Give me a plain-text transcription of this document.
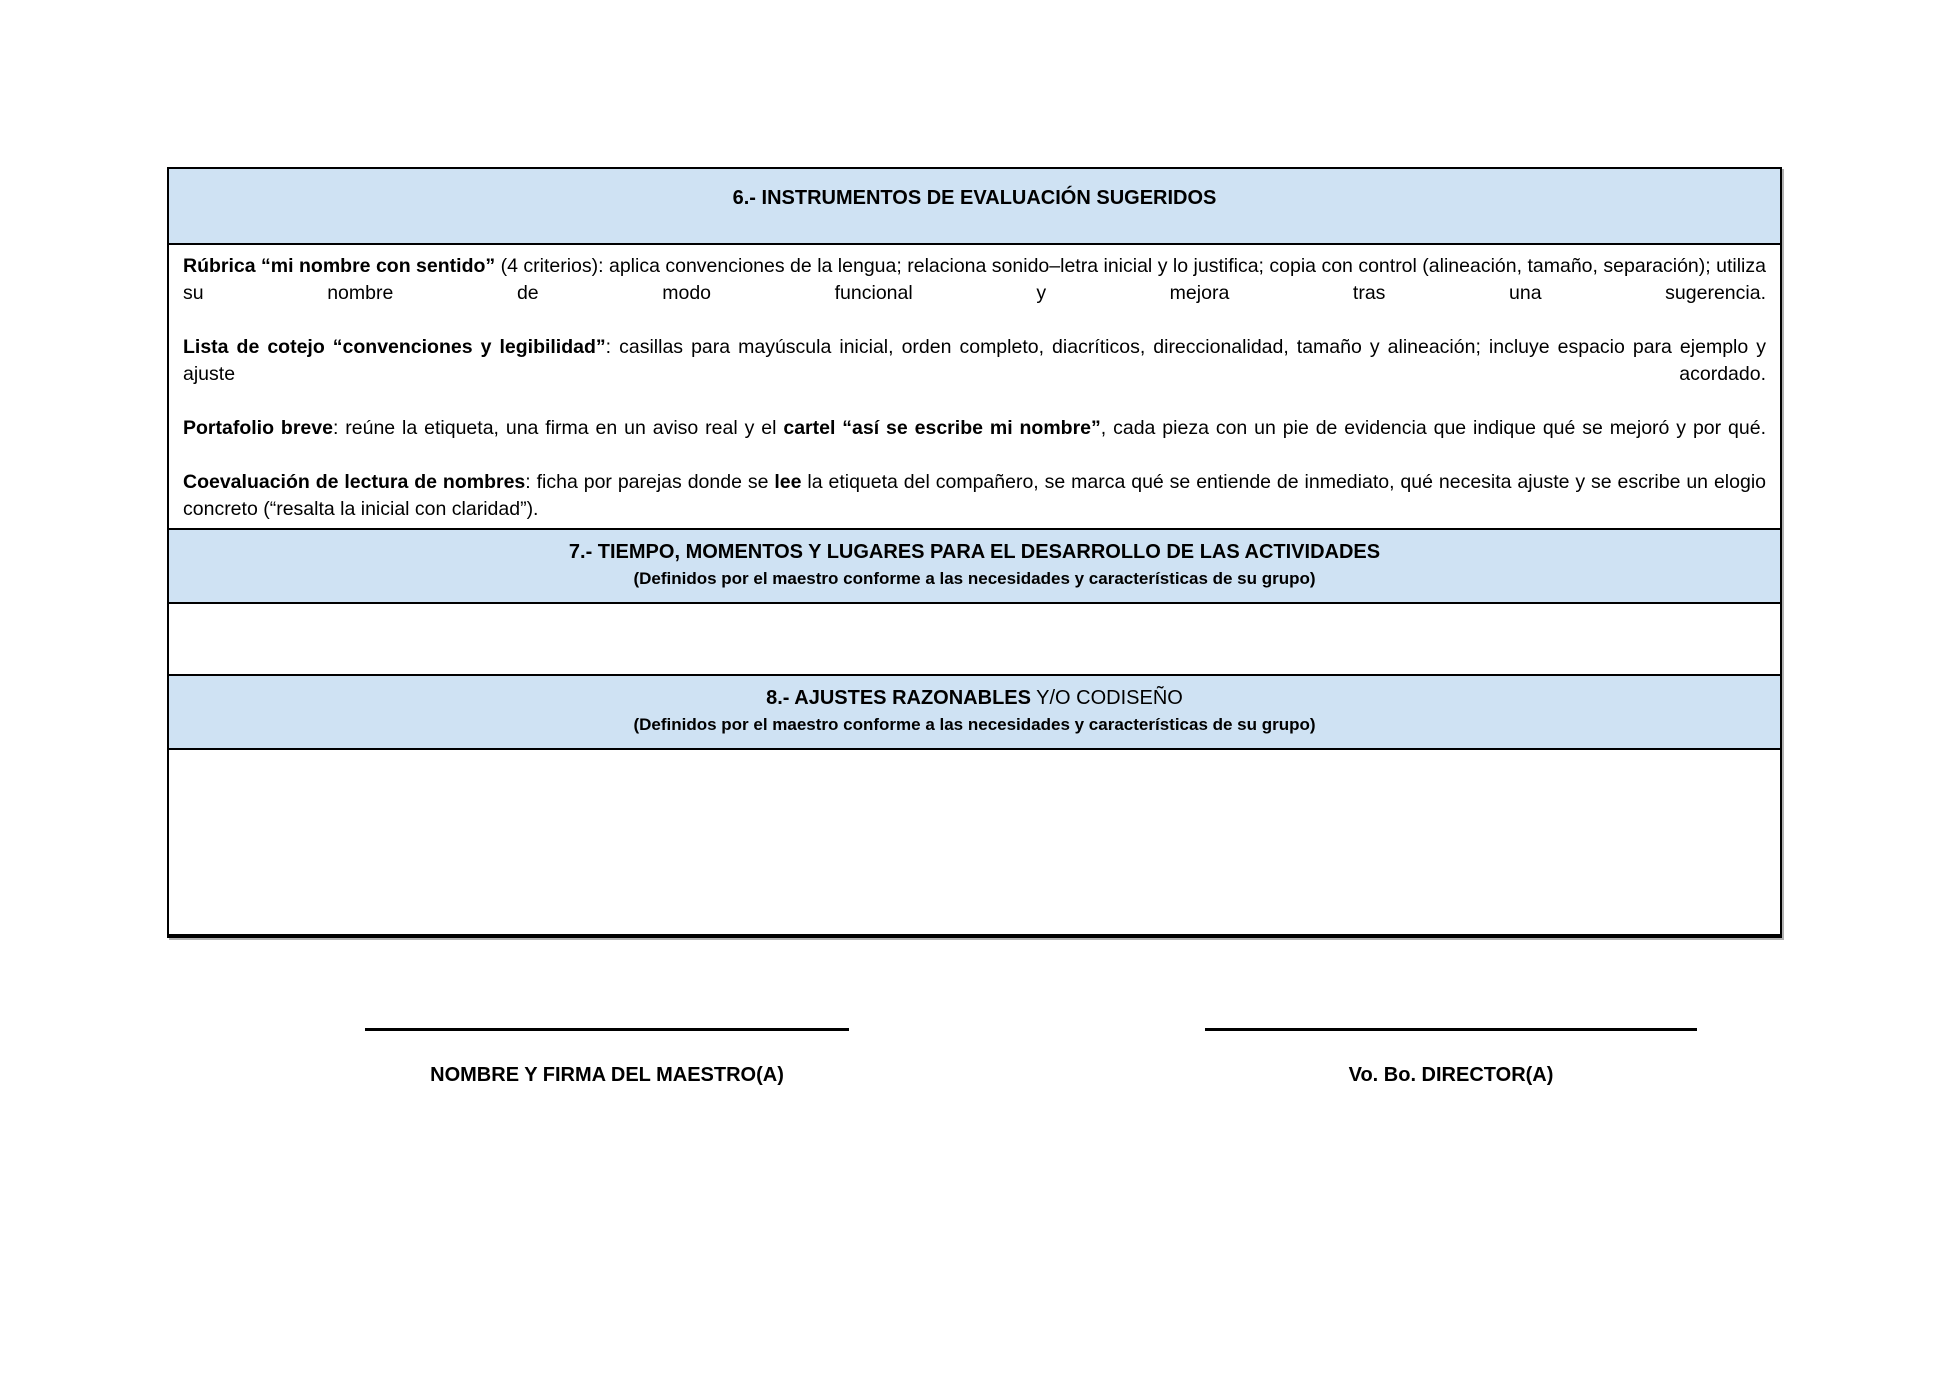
6.- INSTRUMENTOS DE EVALUACIÓN SUGERIDOS

Rúbrica “mi nombre con sentido” (4 criterios): aplica convenciones de la lengua; relaciona sonido–letra inicial y lo justifica; copia con control (alineación, tamaño, separación); utiliza su nombre de modo funcional y mejora tras una sugerencia.

Lista de cotejo “convenciones y legibilidad”: casillas para mayúscula inicial, orden completo, diacríticos, direccionalidad, tamaño y alineación; incluye espacio para ejemplo y ajuste acordado.

Portafolio breve: reúne la etiqueta, una firma en un aviso real y el cartel “así se escribe mi nombre”, cada pieza con un pie de evidencia que indique qué se mejoró y por qué.

Coevaluación de lectura de nombres: ficha por parejas donde se lee la etiqueta del compañero, se marca qué se entiende de inmediato, qué necesita ajuste y se escribe un elogio concreto (“resalta la inicial con claridad”).

7.- TIEMPO, MOMENTOS Y LUGARES PARA EL DESARROLLO DE LAS ACTIVIDADES
(Definidos por el maestro conforme a las necesidades y características de su grupo)
8.- AJUSTES RAZONABLES Y/O CODISEÑO
(Definidos por el maestro conforme a las necesidades y características de su grupo)
NOMBRE Y FIRMA DEL MAESTRO(A)	Vo. Bo. DIRECTOR(A)
